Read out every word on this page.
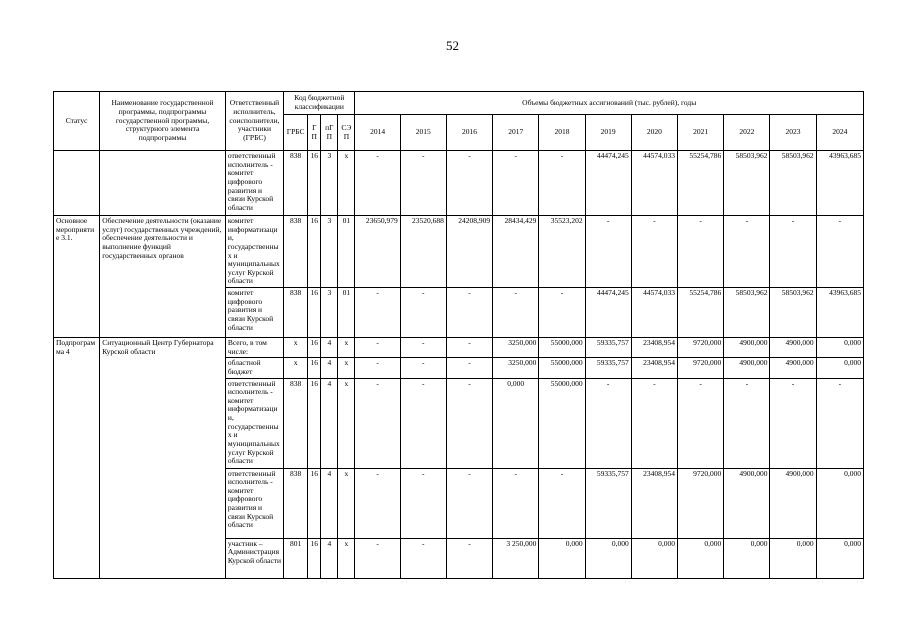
52
Статус	Наименование государственной программы, подпрограммы государственной программы, структурного элемента подпрограммы	Ответственный исполнитель, соисполнители, участники (ГРБС)	Код бюджетной классификации				Объемы бюджетных ассигнований (тыс. рублей), годы										
			ГРБС	ГП	пГП	СЭП	2014	2015	2016	2017	2018	2019	2020	2021	2022	2023	2024
		ответственный исполнитель - комитет цифрового развития и связи Курской области	838	16	3	x	-	-	-	-	-	44474,245	44574,033	55254,786	58503,962	58503,962	43963,685
Основное мероприятие 3.1.	Обеспечение деятельности (оказание услуг) государственных учреждений, обеспечение деятельности и выполнение функций государственных органов	комитет информатизации, государственных и муниципальных услуг Курской области	838	16	3	01	23650,979	23520,688	24208,909	28434,429	35523,202	-	-	-	-	-	-
		комитет цифрового развития и связи Курской области	838	16	3	01	-	-	-	-	-	44474,245	44574,033	55254,786	58503,962	58503,962	43963,685
Подпрограмма 4	Ситуационный Центр Губернатора Курской области	Всего, в том числе:	x	16	4	x	-	-	-	3250,000	55000,000	59335,757	23408,954	9720,000	4900,000	4900,000	0,000
		областной бюджет	x	16	4	x	-	-	-	3250,000	55000,000	59335,757	23408,954	9720,000	4900,000	4900,000	0,000
		ответственный исполнитель - комитет информатизации, государственных и муниципальных услуг Курской области	838	16	4	x	-	-	-	0,000	55000,000	-	-	-	-	-	-
		ответственный исполнитель - комитет цифрового развития и связи Курской области	838	16	4	x	-	-	-	-	-	59335,757	23408,954	9720,000	4900,000	4900,000	0,000
		участник – Администрация Курской области	801	16	4	x	-	-	-	3 250,000	0,000	0,000	0,000	0,000	0,000	0,000	0,000
